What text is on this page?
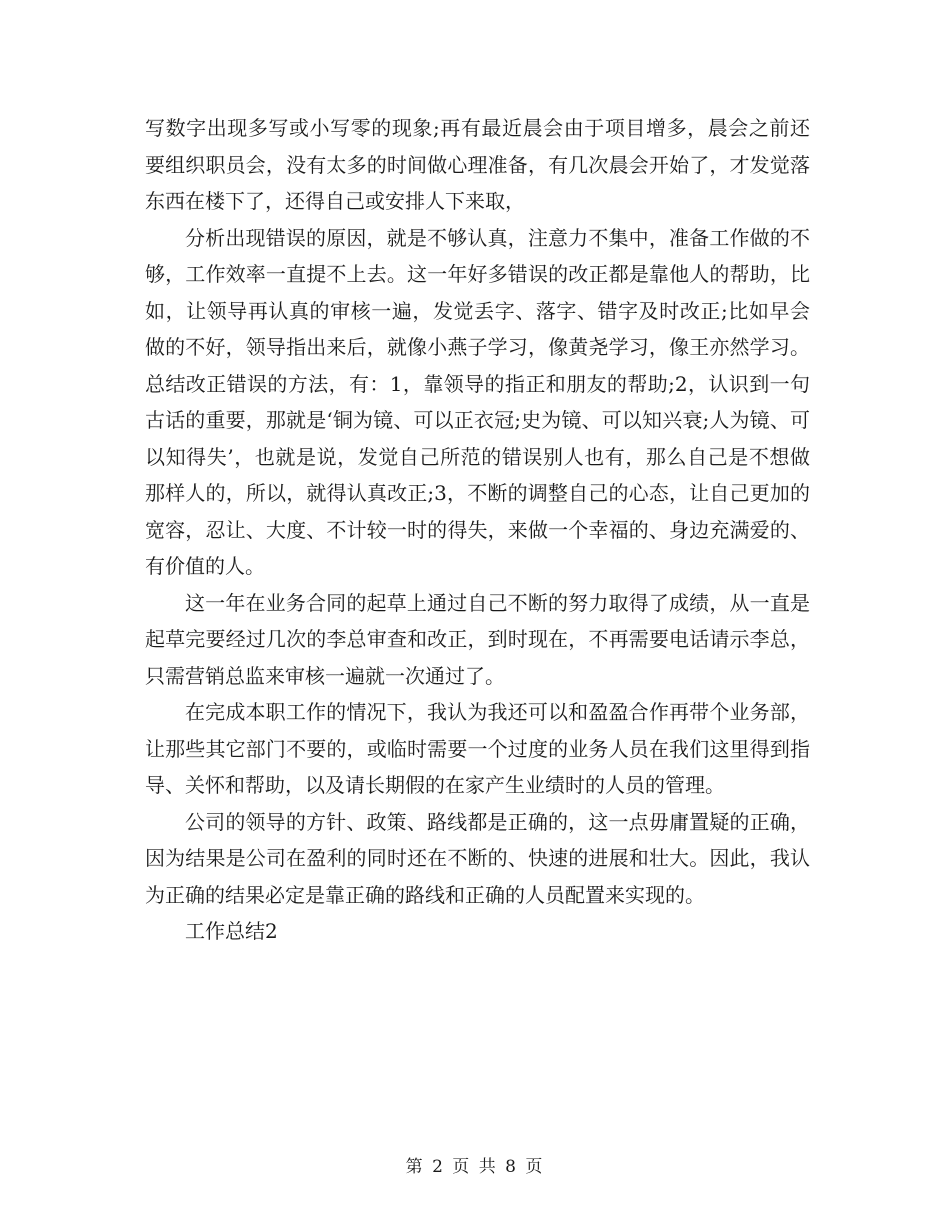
写数字出现多写或小写零的现象;再有最近晨会由于项目增多，晨会之前还要组织职员会，没有太多的时间做心理准备，有几次晨会开始了，才发觉落东西在楼下了，还得自己或安排人下来取，

分析出现错误的原因，就是不够认真，注意力不集中，准备工作做的不够，工作效率一直提不上去。这一年好多错误的改正都是靠他人的帮助，比如，让领导再认真的审核一遍，发觉丢字、落字、错字及时改正;比如早会做的不好，领导指出来后，就像小燕子学习，像黄尧学习，像王亦然学习。总结改正错误的方法，有：1，靠领导的指正和朋友的帮助;2，认识到一句古话的重要，那就是‘铜为镜、可以正衣冠;史为镜、可以知兴衰;人为镜、可以知得失’，也就是说，发觉自己所范的错误别人也有，那么自己是不想做那样人的，所以，就得认真改正;3，不断的调整自己的心态，让自己更加的宽容，忍让、大度、不计较一时的得失，来做一个幸福的、身边充满爱的、有价值的人。

这一年在业务合同的起草上通过自己不断的努力取得了成绩，从一直是起草完要经过几次的李总审查和改正，到时现在，不再需要电话请示李总，只需营销总监来审核一遍就一次通过了。

在完成本职工作的情况下，我认为我还可以和盈盈合作再带个业务部，让那些其它部门不要的，或临时需要一个过度的业务人员在我们这里得到指导、关怀和帮助，以及请长期假的在家产生业绩时的人员的管理。

公司的领导的方针、政策、路线都是正确的，这一点毋庸置疑的正确，因为结果是公司在盈利的同时还在不断的、快速的进展和壮大。因此，我认为正确的结果必定是靠正确的路线和正确的人员配置来实现的。

工作总结2

第 2 页 共 8 页
